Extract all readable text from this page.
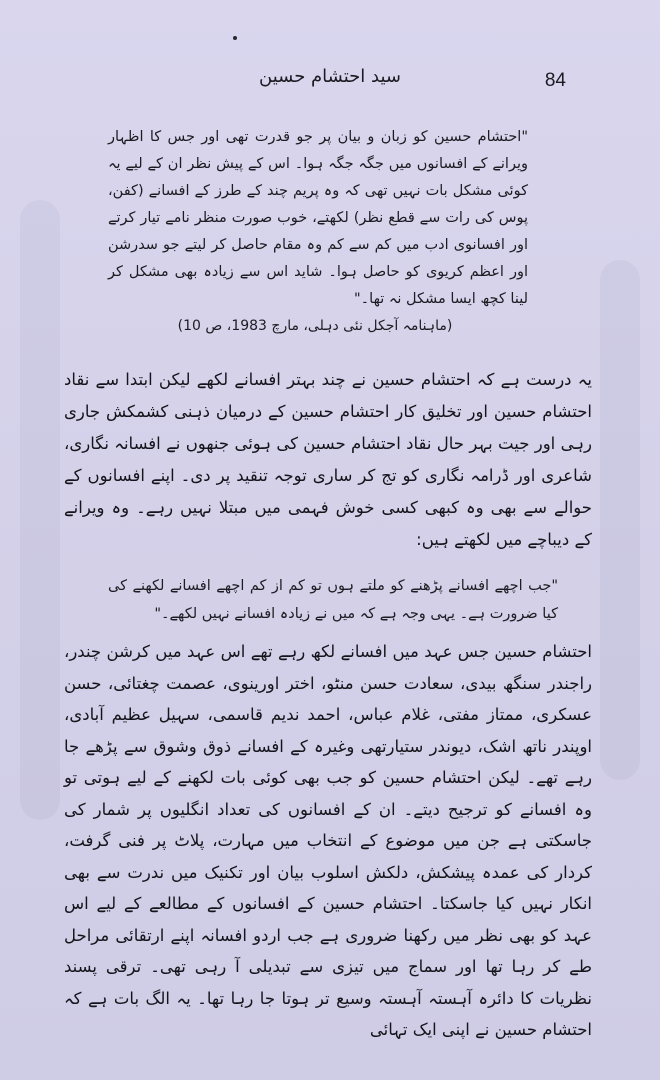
سید احتشام حسین	84
"احتشام حسین کو زبان و بیان پر جو قدرت تھی اور جس کا اظہار ویرانے کے افسانوں میں جگہ جگہ ہوا۔ اس کے پیش نظر ان کے لیے یہ کوئی مشکل بات نہیں تھی کہ وہ پریم چند کے طرز کے افسانے (کفن، پوس کی رات سے قطع نظر) لکھتے، خوب صورت منظر نامے تیار کرتے اور افسانوی ادب میں کم سے کم وہ مقام حاصل کر لیتے جو سدرشن اور اعظم کریوی کو حاصل ہوا۔ شاید اس سے زیادہ بھی مشکل کر لینا کچھ ایسا مشکل نہ تھا۔"
(ماہنامہ آجکل نئی دہلی، مارچ 1983، ص 10)
یہ درست ہے کہ احتشام حسین نے چند بہتر افسانے لکھے لیکن ابتدا سے نقاد احتشام حسین اور تخلیق کار احتشام حسین کے درمیان ذہنی کشمکش جاری رہی اور جیت بہر حال نقاد احتشام حسین کی ہوئی جنھوں نے افسانہ نگاری، شاعری اور ڈرامہ نگاری کو تج کر ساری توجہ تنقید پر دی۔ اپنے افسانوں کے حوالے سے بھی وہ کبھی کسی خوش فہمی میں مبتلا نہیں رہے۔ وہ ویرانے کے دیباچے میں لکھتے ہیں:
"جب اچھے افسانے پڑھنے کو ملتے ہوں تو کم از کم اچھے افسانے لکھنے کی کیا ضرورت ہے۔ یہی وجہ ہے کہ میں نے زیادہ افسانے نہیں لکھے۔"
احتشام حسین جس عہد میں افسانے لکھ رہے تھے اس عہد میں کرشن چندر، راجندر سنگھ بیدی، سعادت حسن منٹو، اختر اورینوی، عصمت چغتائی، حسن عسکری، ممتاز مفتی، غلام عباس، احمد ندیم قاسمی، سہیل عظیم آبادی، اوپندر ناتھ اشک، دیوندر ستیارتھی وغیرہ کے افسانے ذوق وشوق سے پڑھے جا رہے تھے۔ لیکن احتشام حسین کو جب بھی کوئی بات لکھنے کے لیے ہوتی تو وہ افسانے کو ترجیح دیتے۔ ان کے افسانوں کی تعداد انگلیوں پر شمار کی جاسکتی ہے جن میں موضوع کے انتخاب میں مہارت، پلاٹ پر فنی گرفت، کردار کی عمدہ پیشکش، دلکش اسلوب بیان اور تکنیک میں ندرت سے بھی انکار نہیں کیا جاسکتا۔ احتشام حسین کے افسانوں کے مطالعے کے لیے اس عہد کو بھی نظر میں رکھنا ضروری ہے جب اردو افسانہ اپنے ارتقائی مراحل طے کر رہا تھا اور سماج میں تیزی سے تبدیلی آ رہی تھی۔ ترقی پسند نظریات کا دائرہ آہستہ آہستہ وسیع تر ہوتا جا رہا تھا۔ یہ الگ بات ہے کہ احتشام حسین نے اپنی ایک تہائی
